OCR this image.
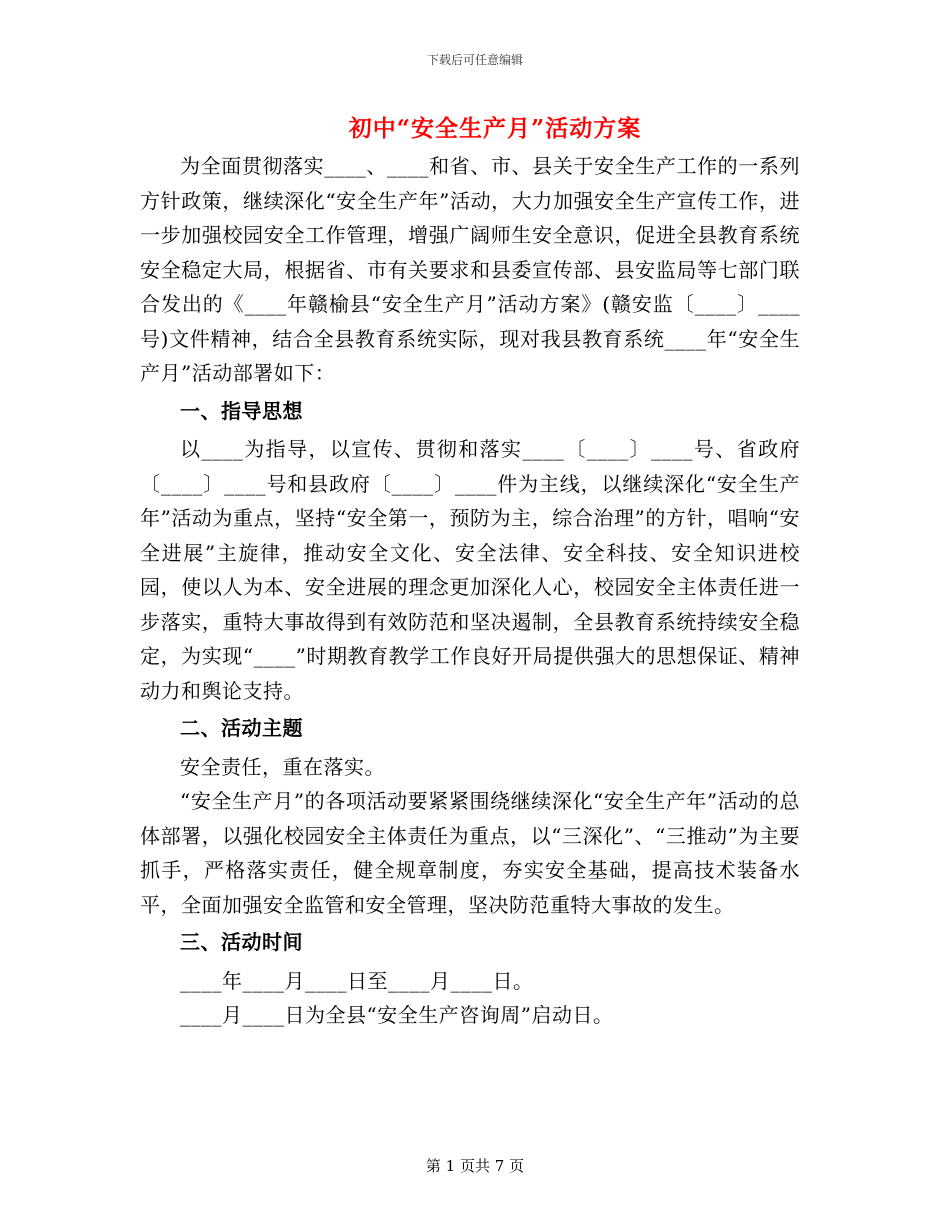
下载后可任意编辑
初中“安全生产月”活动方案

为全面贯彻落实____、____和省、市、县关于安全生产工作的一系列方针政策，继续深化“安全生产年”活动，大力加强安全生产宣传工作，进一步加强校园安全工作管理，增强广阔师生安全意识，促进全县教育系统安全稳定大局，根据省、市有关要求和县委宣传部、县安监局等七部门联合发出的《____年赣榆县“安全生产月”活动方案》(赣安监〔____〕____号)文件精神，结合全县教育系统实际，现对我县教育系统____年“安全生产月”活动部署如下：

一、指导思想

以____为指导，以宣传、贯彻和落实____〔____〕____号、省政府〔____〕____号和县政府〔____〕____件为主线，以继续深化“安全生产年”活动为重点，坚持“安全第一，预防为主，综合治理”的方针，唱响“安全进展”主旋律，推动安全文化、安全法律、安全科技、安全知识进校园，使以人为本、安全进展的理念更加深化人心，校园安全主体责任进一步落实，重特大事故得到有效防范和坚决遏制，全县教育系统持续安全稳定，为实现“____”时期教育教学工作良好开局提供强大的思想保证、精神动力和舆论支持。

二、活动主题

安全责任，重在落实。

“安全生产月”的各项活动要紧紧围绕继续深化“安全生产年”活动的总体部署，以强化校园安全主体责任为重点，以“三深化”、“三推动”为主要抓手，严格落实责任，健全规章制度，夯实安全基础，提高技术装备水平，全面加强安全监管和安全管理，坚决防范重特大事故的发生。

三、活动时间

____年____月____日至____月____日。

____月____日为全县“安全生产咨询周”启动日。

第 1 页共 7 页
